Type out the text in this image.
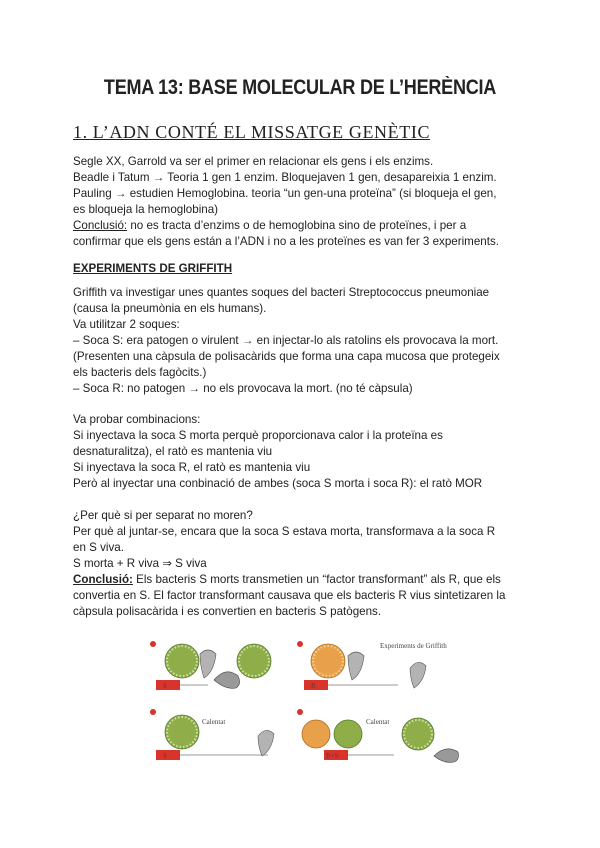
TEMA 13: BASE MOLECULAR DE L’HERÈNCIA
1. L’ADN CONTÉ EL MISSATGE GENÈTIC
Segle XX, Garrold va ser el primer en relacionar els gens i els enzims.
Beadle i Tatum → Teoria 1 gen 1 enzim. Bloquejaven 1 gen, desapareixia 1 enzim.
Pauling → estudien Hemoglobina. teoria “un gen-una proteïna” (si bloqueja el gen,
es bloqueja la hemoglobina)
Conclusió: no es tracta d’enzims o de hemoglobina sino de proteïnes, i per a
confirmar que els gens están a l’ADN i no a les proteïnes es van fer 3 experiments.
EXPERIMENTS DE GRIFFITH
Griffith va investigar unes quantes soques del bacteri Streptococcus pneumoniae
(causa la pneumònia en els humans).
Va utilitzar 2 soques:
– Soca S: era patogen o virulent → en injectar-lo als ratolins els provocava la mort.
(Presenten una càpsula de polisacàrids que forma una capa mucosa que protegeix
els bacteris dels fagòcits.)
– Soca R: no patogen → no els provocava la mort. (no té càpsula)
Va probar combinacions:
Si inyectava la soca S morta perquè proporcionava calor i la proteïna es
desnaturalitza), el ratò es mantenia viu
Si inyectava la soca R, el ratò es mantenia viu
Però al inyectar una conbinació de ambes (soca S morta i soca R): el ratò MOR
¿Per què si per separat no moren?
Per què al juntar-se, encara que la soca S estava morta, transformava a la soca R
en S viva.
S morta + R viva ⇒ S viva
Conclusió: Els bacteris S morts transmetien un “factor transformant” als R, que els
convertia en S. El factor transformant causava que els bacteris R vius sintetizaren la
càpsula polisacàrida i es convertien en bacteris S patògens.
S
Experiments de Griffith
R
Calentat
S
Calentat
R+S
